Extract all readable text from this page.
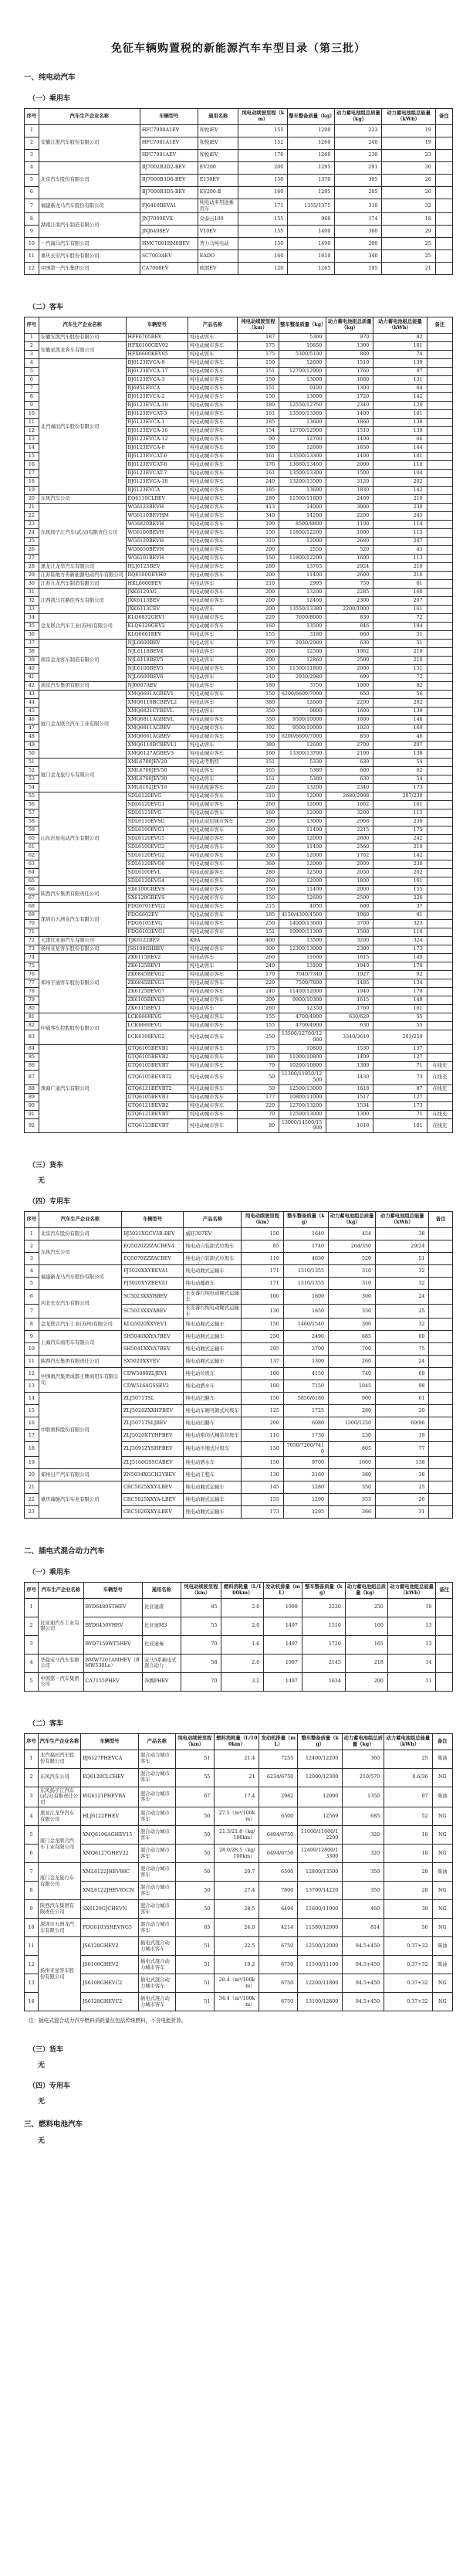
免征车辆购置税的新能源汽车车型目录（第三批）
一、纯电动汽车
（一）乘用车
序号	汽车生产企业名称	车辆型号	通用名称	纯电动续驶里程（km）	整车整备质量（kg）	动力蓄电池组总质量（kg）	动力蓄电池组总能量（kWh）	备注
1	安徽江淮汽车股份有限公司	HFC7000A1EV	和悦iEV	155	1200	223	19	
2		HFC7001A1EV	和悦iEV	152	1260	240	19	
3		HFC7001AEV	和悦iEV	170	1260	230	23	
4	北京汽车股份有限公司	BJ7002B3D2-BEV	EV200	200	1295	291	30	
5		BJ7000B3D6-BEV	E150EV	150	1370	305	26	
6		BJ7000B3D5-BEV	EV200-Ⅱ	160	1295	285	26	
7	福建新龙马汽车股份有限公司	FJ6410BEVA1	纯电动多用途乘用车	171	1355/1375	310	32	
8	湖南江南汽车制造有限公司	JNJ7000EVX	众泰云100	155	968	174	18	
9		JNJ6408EV	V10EV	155	1400	360	29	
10	一汽海马汽车有限公司	HMC7001BM0BEV	普力马纯电动	150	1490	200	25	
11	重庆长安汽车股份有限公司	SC7003AEV	EADO	160	1610	340	25	
12	中国第一汽车集团公司	CA7008EV	欧朗EV	120	1265	195	21	
（二）客车
序号	汽车生产企业名称	车辆型号	产品名称	纯电动续驶里程（km）	整车整备质量（kg）	动力蓄电池组总质量（kg）	动力蓄电池组总能量（kWh）	备注
1	安徽安凯汽车股份有限公司	HFF6705BEV	纯电动客车	187	5300	970	82	
2	安徽星凯龙客车有限公司	HFX6100GEV02	纯电动城市客车	175	10850	1300	101	
3		HFX6600KEV05	纯电动客车	175	5300/5100	880	74	
4	北汽福田汽车股份有限公司	BJ6123EVCA-9	纯电动城市客车	150	12600	1510	139	
5		BJ6123EVCA-17	纯电动城市客车	151	12700/12900	1760	97	
6		BJ6123EVCA-3	纯电动城市客车	150	13000	1680	131	
7		BJ6851EVCA	纯电动城市客车	151	9100	1300	64	
8		BJ6123EVCA-2	纯电动城市客车	150	13600	1720	142	
9		BJ6123EVCA-19	纯电动城市客车	180	12550/12750	2340	120	
10		BJ6123EVCAT-3	纯电动城市客车	161	13500/13300	1400	101	
11		BJ6123EVCA-1	纯电动城市客车	185	13600	1860	138	
12		BJ6123EVCA-16	纯电动城市客车	154	12700/12900	1510	139	
13		BJ6123EVCA-12	纯电动城市客车	90	12700	1400	66	
14		BJ6123EVCA-8	纯电动城市客车	150	12600	1650	144	
15		BJ6123EVCAT-6	纯电动城市客车	161	13500/13300	1400	101	
16		BJ6123EVCAT-8	纯电动城市客车	176	13660/13460	2000	110	
17		BJ6123EVCAT-7	纯电动城市客车	161	13500/13300	1500	104	
18		BJ6123EVCA-18	纯电动城市客车	240	13200/13500	3120	202	
19		BJ6123EVCA	纯电动城市客车	185	13600	1830	142	
20	东风汽车公司	EQ6110CLBEV	纯电动城市客车	280	11500/11800	2460	210	
21	东风扬子江汽车(武汉)有限责任公司	WG6123BEVH	纯电动城市客车	413	14000	3000	230	
22		WG6110BEVHM	纯电动城市客车	340	14200	2200	245	
23		WG6820BEVH	纯电动城市客车	190	8500/8800	1100	114	
24		WG6100BEVH	纯电动城市客车	150	11800/12200	1800	115	
25		WG6129BEVH	纯电动城市客车	310	12000	2680	207	
26		WG6650BEVH	纯电动城市客车	200	2550	520	43	
27		WG6101BEVH	纯电动城市客车	150	11800/12200	1600	113	
28	黑龙江龙华汽车有限公司	HLJ6125BEV	纯电动城市客车	280	13765	2924	210	
29	江苏陆地方舟新能源电动汽车有限公司	RQ6100GEVH0	纯电动城市客车	200	11400	2600	216	
30	江苏九龙汽车制造有限公司	HKL6600BEV	纯电动客车	210	2995	750	61	
31	江西凯马百路佳客车有限公司	JXK6120AG	纯电动城市客车	200	13200	2285	160	
32		JXK6113BEV	纯电动城市客车	200	12400	2300	207	
33		JXK6113CEV	纯电动客车	200	13550/13380	2200/1900	161	
34	金龙联合汽车工业(苏州)有限公司	KLQ6832GEV1	纯电动城市客车	220	7600/8000	830	72	
35		KLQ6129GEV2	纯电动城市客车	160	13500	846	184	
36		KLQ6601BEV	纯电动客车	155	3180	660	51	
37	南京金龙客车制造有限公司	NJL6600BEV	纯电动客车	170	2930/2980	630	51	
38		NJL6118BEV4	纯电动客车	200	12500	1962	210	
39		NJL6118BEV5	纯电动客车	200	12860	2500	210	
40		NJL6100BEV5	纯电动城市客车	150	11500/11800	2000	151	
41		NJL6600BEV6	纯电动客车	240	2930/2980	690	72	
42	南京汽车集团有限公司	NJ6607AEV	纯电动客车	180	3750	1000	82	
43	厦门金龙联合汽车工业有限公司	XMQ6661AGBEV1	纯电动城市客车	150	6200/6600/7000	650	56	
44		XMQ6110BCBEVL2	纯电动客车	380	12600	2200	202	
45		XMQ6821CYBEVL	纯电动客车	350	9800	1600	139	
46		XMQ6811AGBEVL	纯电动城市客车	350	9500/10000	1600	148	
47		XMQ6811AGBEV	纯电动城市客车	392	9500/10000	1920	169	
48		XMQ6661AGBEV	纯电动城市客车	150	6200/6600/7000	850	46	
49		XMQ6110BCBEVL1	纯电动客车	380	12600	2700	207	
50		XMQ6127AGBEV3	纯电动城市客车	160	13300/13700	2100	138	
51	厦门金龙旅行车有限公司	XML6700JEV20	纯电动考斯特	151	5330	630	54	
52		XML6700JEV50	纯电动客车	165	5380	600	62	
53		XML6700JEV30	纯电动客车	151	5380	630	54	
54		XML6102JEV10	纯电动旅游客车	220	13200	2340	173	
55	山东沂星电动汽车有限公司	SDL6120EVG	纯电动城市客车	310	12000	2680/2988	207/230	
56		SDL6120EVG1	纯电动城市客车	260	12000	1662	161	
57		SDL6121EVG	纯电动城市客车	160	12000	3200	115	
58		SDL6110EVSG	纯电动双层城市客车	290	13000	2968	230	
59		SDL6100EVG1	纯电动城市客车	280	11400	2215	175	
60		SDL6120EVG5	纯电动城市客车	360	12000	2800	242	
61		SDL6100EVG2	纯电动城市客车	300	11400	2560	210	
62		SDL6120EVG2	纯电动城市客车	230	12000	1762	142	
63		SDL6120EVG6	纯电动城市客车	360	12000	2000	230	
64		SDL6100EVL	纯电动旅游客车	280	12500	2050	202	
65		SDL6120EVG4	纯电动城市客车	260	12000	1800	161	
66	陕西汽车集团有限责任公司	SX6100GBEVS	纯电动城市客车	150	11400	2000	155	
67		SX6120GBEVS	纯电动城市客车	150	12600	2500	226	
68	深圳市五洲龙汽车有限公司	FDG6701EVG2	纯电动城市客车	215	4950	600	37	
69		FDG6602EV	纯电动城市客车	185	4150/4300/4500	1060	81	
70		FDG6105EVG	纯电动城市客车	250	14000/13600	3700	323	
71		FDG6103EVG1	纯电动城市客车	151	10900/11300	1500	118	
72	天津比亚迪汽车有限公司	TJK6122BEV	K9A	400	13500	3200	324	
73	扬州亚星客车股份有限公司	JS6108GHBEV	纯电动城市客车	300	12300/13000	2300	173	
74	郑州宇通客车股份有限公司	ZK6115BEV2	纯电动客车	260	11600	1615	149	
75		ZK6125BEV1	纯电动客车	240	13100	1940	178	
76		ZK6845BEVG2	纯电动城市客车	170	7040/7340	1027	92	
77		ZK6845BEVG1	纯电动城市客车	220	7500/7800	1485	134	
78		ZK6125BEVG7	纯电动城市客车	240	11400/12000	1940	178	
79		ZK6105BEVG3	纯电动城市客车	200	9900/10300	1615	149	
80		ZK6115BEV1	纯电动客车	260	12350	1760	161	
81	中通客车控股股份有限公司	LCK6668EVG	纯电动城市客车	155	4700/4900	630/620	55	
82		LCK6669EVG	纯电动城市客车	155	4700/4900	630	55	
83		LCK6108EVG2	纯电动城市客车	250	13500/12700/12000	3340/3610	203/259	
84	珠海广通汽车有限公司	GTQ6105BEVB1	纯电动城市客车	175	10800	1530	137	
85		GTQ6105BEVB2	纯电动城市客车	180	11000/10800	1409	127	
86		GTQ6105BEVBT	纯电动城市客车	70	10200/10800	1300	71	在线充
87		GTQ6105BEVBT2	纯电动城市客车	50	11300/11950/12500	1430	73	在线充
88		GTQ6121BEVBT2	纯电动城市客车	50	12500/13000	1618	87	在线充
89		GTQ6105BEVB3	纯电动城市客车	177	10800/11000	1517	127	
90		GTQ6121BEVB2	纯电动城市客车	220	12700/13200	1534	173	
91		GTQ6121BEVBT	纯电动城市客车	70	12500/13000	1300	71	在线充
92		GTQ6123BEVBT	纯电动城市客车	80	13000/14500/15000	1618	101	在线充
（三）货车
无
（四）专用车
序号	汽车生产企业名称	车辆型号	产品名称	纯电动续驶里程（km）	整车整备质量（kg）	动力蓄电池组总质量（kg）	动力蓄电池组总能量（kWh）	备注
1	北京汽车股份有限公司	BJ5021XGCV3R-BEV	威旺307EV	150	1640	454	38	
2	东风汽车公司	EQ5020ZZZACBEV4	纯电动自装卸式垃圾车	85	1740	264/350	29/24	
3		EQ5070ZZZACBEV	纯电动自装卸式垃圾车	110	4630	520	51	
4	福建新龙马汽车股份有限公司	FJ5020XXYBEVA1	纯电动厢式运输车	171	1310/1355	310	32	
5		FJ5020XYZBEVA1	纯电动邮政车	171	1310/1355	310	32	
6	河北长安汽车有限公司	SC5023XXYBBEV	长安睿行纯电动厢式运输车	100	1600	300	24	
7		SC5023XXYABEV	长安睿行纯电动厢式运输车	130	1650	330	25	
8	金龙联合汽车工业(苏州)有限公司	KLQ5020XXYEV1	纯电动厢式运输车	150	1460/1540	300	32	
9	上海汽车商用车有限公司	SH5040XXYA7BEV	纯电动厢式运输车	250	2490	685	60	
10		SH5041XXYA7BEV	纯电动厢式运输车	295	2700	700	75	
11	陕西汽车集团有限责任公司	SX5020XXYEV	纯电动厢式运输车	137	1300	260	24	
12	中国重汽集团成都王牌商用车有限公司	CDW5080ZLJEV1	纯电动垃圾车	100	4150	740	69	
13		CDW5164GSSEV2	纯电动洒水车	100	7150	1045	98	
14	中联重科股份有限公司	ZLJ5071TSL	纯电动扫路车	150	5850/6180	900	61	
15		ZLJ5020ZXXHFBEV	纯电动车厢可卸式垃圾车	125	1725	280	20	
16		ZLJ5071TSLJBEV	纯电动扫路车	200	6080	1300/1250	69/96	
17		ZLJ5020XTYHFBEV	纯电动密闭式桶装垃圾车	110	1730	230	19	
18		ZLJ5091ZYSHFBEV	纯电动压缩式垃圾车	150	7050/7260/7410	805	77	
19		ZLJ5160GSSCABEV	纯电动洒水车	150	9700	1600	138	
20	郑州日产汽车有限公司	ZN5034XGCH2YBEV	纯电动工程车	130	2160	380	38	
21	重庆瑞驰汽车实业有限公司	CRC5025XXY-LBEV	纯电动厢式运输车	145	1280	350	25	
22		CRC5025XXYA-LBEV	纯电动厢式运输车	155	1290	353	26	
23		CRC5026XXY-LBEV	纯电动厢式运输车	173	1295	366	31	
二、插电式混合动力汽车
（一）乘用车
序号	汽车生产企业名称	车辆型号	通用名称	纯电动续驶里程（km）	燃料消耗量（L/100km）	发动机排量（mL）	整车整备质量（kg）	动力蓄电池组总质量（kg）	动力蓄电池组总能量（kWh）	备注
1	比亚迪汽车工业有限公司	BYD6480STHEV	比亚迪唐	85	2.0	1999	2220	250	19	
2		BYD6450VHEV	比亚迪M3	55	2.0	1497	1510	160	13	
3		BYD7150WT5HEV	比亚迪秦	70	1.6	1497	1720	165	13	
4	华晨宝马汽车有限公司	BMW7201AMHEV（BMW530Le）	宝马5系插电式混合动力	58	2.0	1997	2145	218	14	
5	中国第一汽车集团公司	CA7155PHEV	奔腾PHEV	70	3.2	1497	1634	200	11	
（二）客车
序号	汽车生产企业名称	车辆型号	产品名称	纯电动续驶里程（km）	燃料消耗量（L/100km）	发动机排量（mL）	整车整备质量（kg）	动力蓄电池组总质量（kg）	动力蓄电池组总能量（kWh）	备注
1	北汽福田汽车股份有限公司	BJ6127PHEVCA	混合动力城市客车	51	21.4	7255	12400/12200	360	25	柴油
2	东风汽车公司	EQ6120CLCHEV	混合动力城市客车	55	21	6234/6750	12000/12300	210/570	0.6/36	NG
3	东风扬子江汽车(武汉)有限责任公司	WG6121PHEVBA	混合动力城市客车	67	17.4	2982	12000	1350	97	柴油
4	黑龙江龙华汽车有限公司	HLJ6122PHEV	混合动力城市客车	50	27.5（m³/100km）	6500	12569	685	52	NG
5	厦门金龙联合汽车工业有限公司	XMQ6106AGHEV15	混合动力城市客车	50	21.3/21.8（kg/100km）	6494/6750	11000/11600/12200	320	18	NG
6		XMQ6127GHEV22	混合动力城市客车	50	28.0/28.5（kg/100km）	6494/6750	12400/12800/13300	320	18	NG
7	厦门金龙旅行车有限公司	XML6122JHEV88C	混合动力城市客车	50	20.7	6500	12800/13500	350	28	柴油
8		XML6122JHEV85CN	混合动力城市客车	50	27.4	7800	13700/14220	350	28	NG
9	陕西汽车集团有限责任公司	SX6120GJCHEVN	混合动力城市客车	50	28.5	6494	11600/11900	460	39	NG
10	深圳市五洲龙汽车有限公司	FDG6103SHEVNG5	混合动力城市客车	85	24.0	4214	11580/12000	814	56	NG
11	扬州亚星客车股份有限公司	JS6128GHEV2	插电式混合动力城市客车	51	22.5	6750	12500/12000	94.5+450	0.37+32	柴油
12		JS6108GHEV2	插电式混合动力城市客车	51	19.2	6750	11500/11100	94.5+450	0.37+32	柴油
13		JS6108GHEVC2	插电式混合动力城市客车	51	28.4（m³/100km）	6750	12200/11800	94.5+450	0.37+32	NG
14		JS6128GHEVC2	插电式混合动力城市客车	51	34.4（m³/100km）	6750	13100/12600	94.5+450	0.37+32	NG
注：插电式混合动力汽车燃料消耗量仅包括传统燃料，不含电能折算。
（三）货车
无
（四）专用车
无
三、燃料电池汽车
无
